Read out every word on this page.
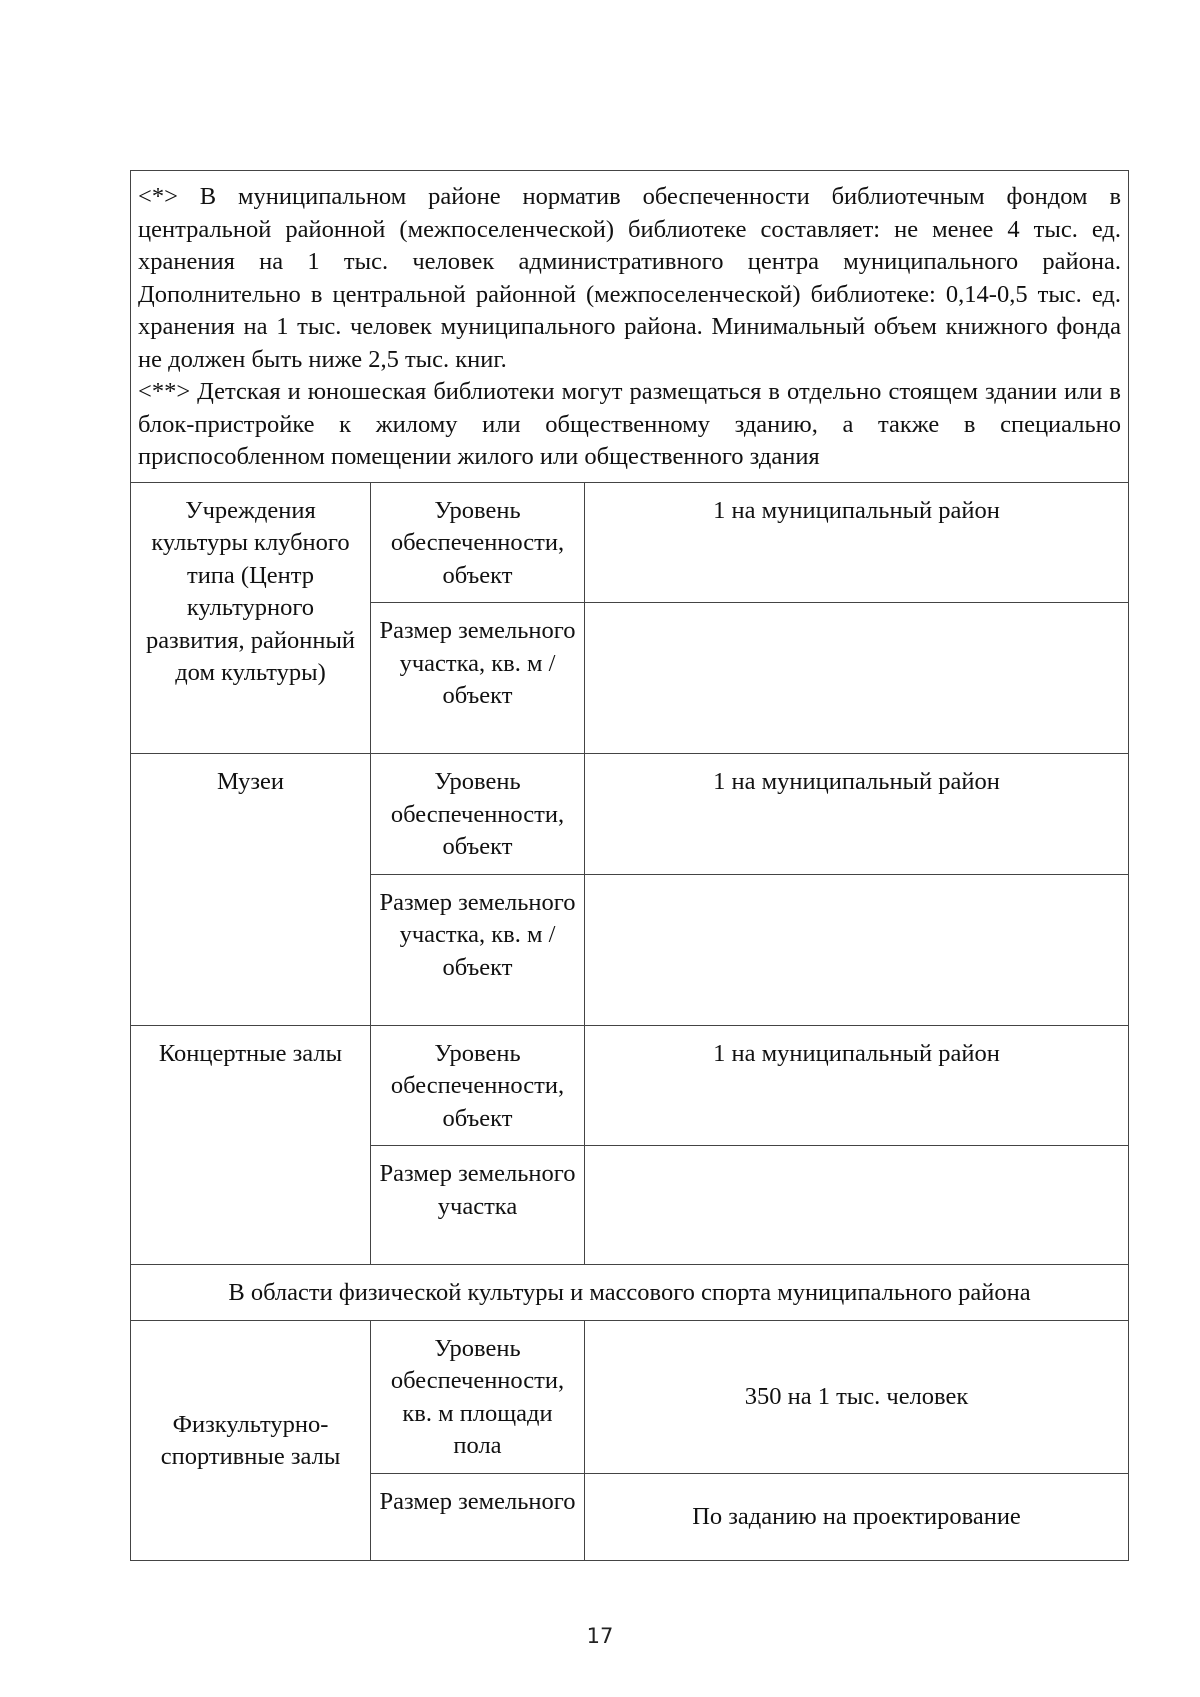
<*> В муниципальном районе норматив обеспеченности библиотечным фондом в центральной районной (межпоселенческой) библиотеке составляет: не менее 4 тыс. ед. хранения на 1 тыс. человек административного центра муниципального района. Дополнительно в центральной районной (межпоселенческой) библиотеке: 0,14-0,5 тыс. ед. хранения на 1 тыс. человек муниципального района. Минимальный объем книжного фонда не должен быть ниже 2,5 тыс. книг.

<**> Детская и юношеская библиотеки могут размещаться в отдельно стоящем здании или в блок-пристройке к жилому или общественному зданию, а также в специально приспособленном помещении жилого или общественного здания		

Учреждения культуры клубного типа (Центр культурного развития, районный дом культуры)	Уровень обеспеченности, объект	1 на муниципальный район
	Размер земельного участка, кв. м / объект	
Музеи	Уровень обеспеченности, объект	1 на муниципальный район
	Размер земельного участка, кв. м / объект	
Концертные залы	Уровень обеспеченности, объект	1 на муниципальный район
	Размер земельного участка	
В области физической культуры и массового спорта муниципального района		
Физкультурно-спортивные залы	Уровень обеспеченности, кв. м площади пола	350 на 1 тыс. человек
	Размер земельного	По заданию на проектирование
17
